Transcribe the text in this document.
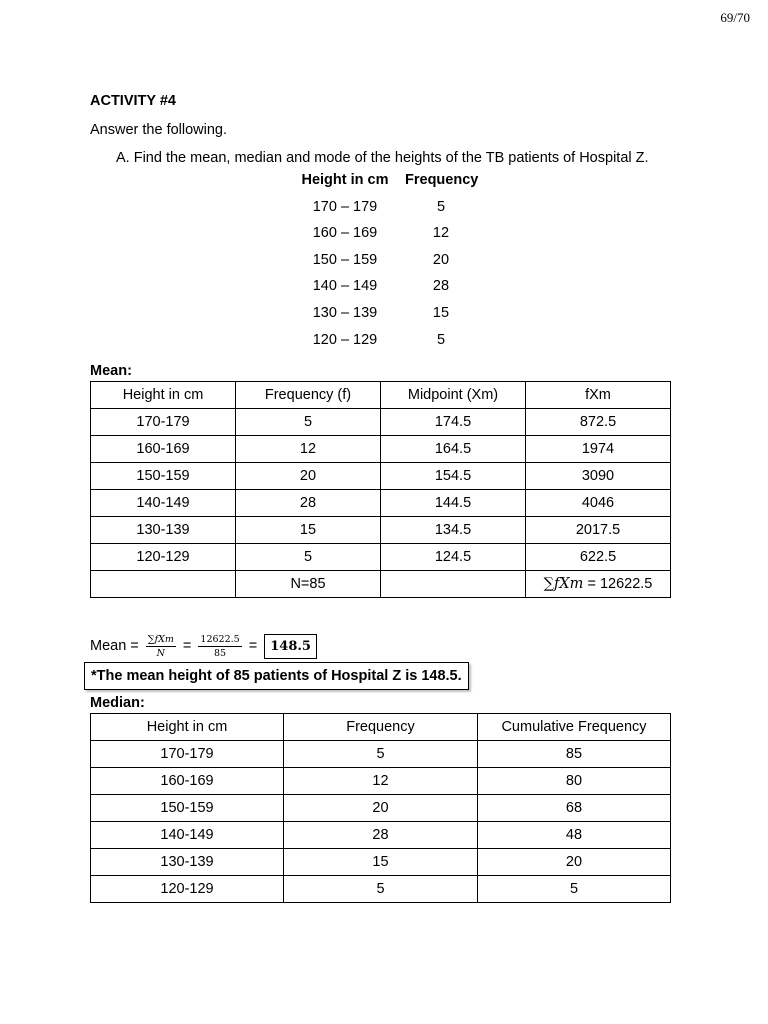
69/70
ACTIVITY #4
Answer the following.
A. Find the mean, median and mode of the heights of the TB patients of Hospital Z.
Height in cm	Frequency
170 – 179	5
160 – 169	12
150 – 159	20
140 – 149	28
130 – 139	15
120 – 129	5
Mean:
Height in cm	Frequency (f)	Midpoint (Xm)	fXm
170-179	5	174.5	872.5
160-169	12	164.5	1974
150-159	20	154.5	3090
140-149	28	144.5	4046
130-139	15	134.5	2017.5
120-129	5	124.5	622.5
	N=85		∑𝑓𝑋𝑚 = 12622.5
Mean = $\frac{\text{∑𝑓𝑋𝑚}}{\text{𝑁}} = \frac{12622.5}{85} = 148.5$
*The mean height of 85 patients of Hospital Z is 148.5.
Median:
Height in cm	Frequency	Cumulative Frequency
170-179	5	85
160-169	12	80
150-159	20	68
140-149	28	48
130-139	15	20
120-129	5	5
